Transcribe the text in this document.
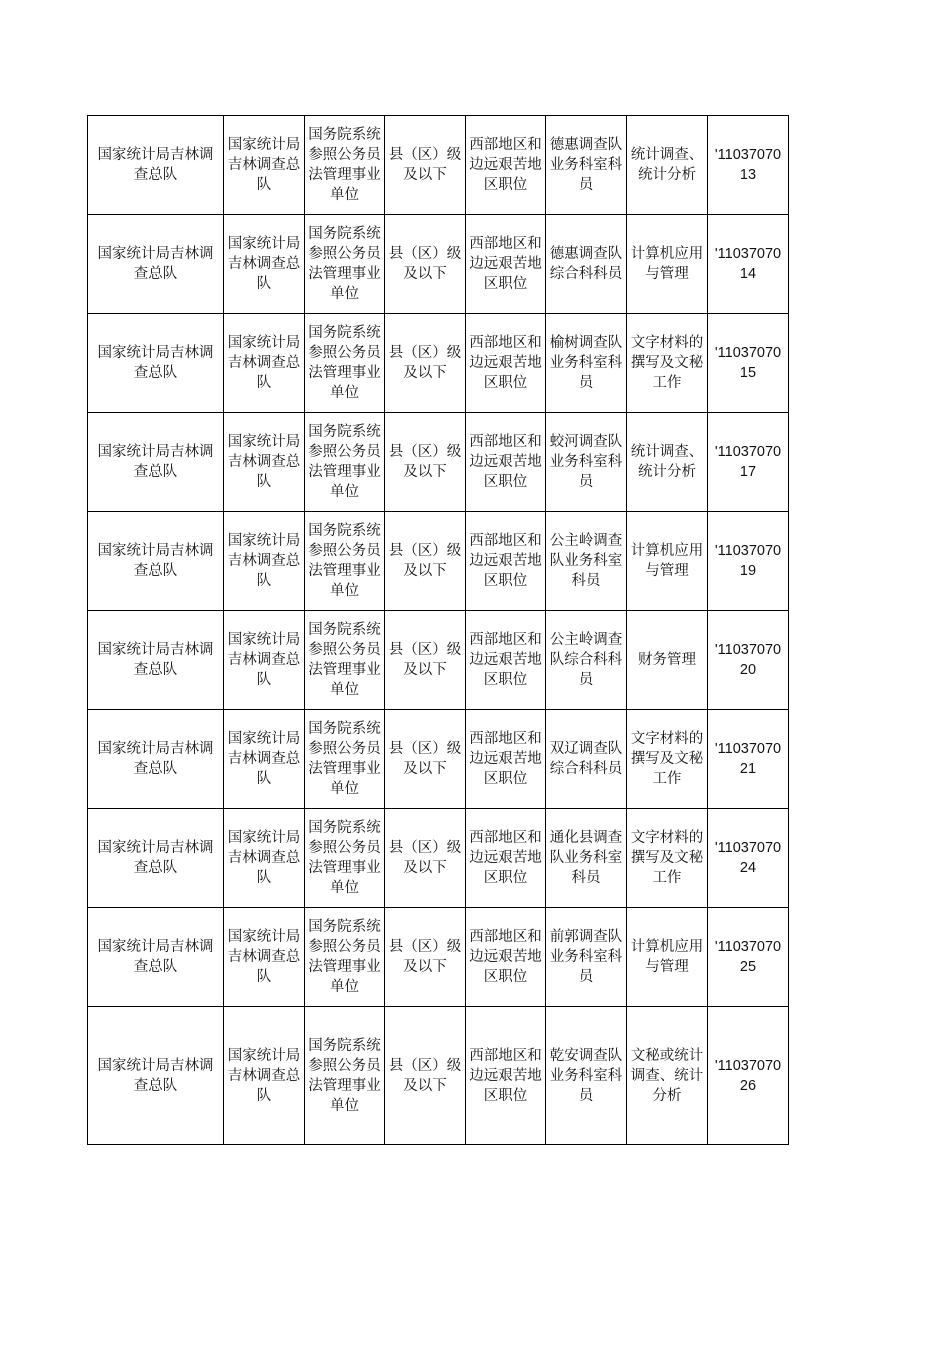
国家统计局吉林调查总队	国家统计局吉林调查总队	国务院系统参照公务员法管理事业单位	县（区）级及以下	西部地区和边远艰苦地区职位	德惠调查队业务科室科员	统计调查、统计分析	'1103707013
国家统计局吉林调查总队	国家统计局吉林调查总队	国务院系统参照公务员法管理事业单位	县（区）级及以下	西部地区和边远艰苦地区职位	德惠调查队综合科科员	计算机应用与管理	'1103707014
国家统计局吉林调查总队	国家统计局吉林调查总队	国务院系统参照公务员法管理事业单位	县（区）级及以下	西部地区和边远艰苦地区职位	榆树调查队业务科室科员	文字材料的撰写及文秘工作	'1103707015
国家统计局吉林调查总队	国家统计局吉林调查总队	国务院系统参照公务员法管理事业单位	县（区）级及以下	西部地区和边远艰苦地区职位	蛟河调查队业务科室科员	统计调查、统计分析	'1103707017
国家统计局吉林调查总队	国家统计局吉林调查总队	国务院系统参照公务员法管理事业单位	县（区）级及以下	西部地区和边远艰苦地区职位	公主岭调查队业务科室科员	计算机应用与管理	'1103707019
国家统计局吉林调查总队	国家统计局吉林调查总队	国务院系统参照公务员法管理事业单位	县（区）级及以下	西部地区和边远艰苦地区职位	公主岭调查队综合科科员	财务管理	'1103707020
国家统计局吉林调查总队	国家统计局吉林调查总队	国务院系统参照公务员法管理事业单位	县（区）级及以下	西部地区和边远艰苦地区职位	双辽调查队综合科科员	文字材料的撰写及文秘工作	'1103707021
国家统计局吉林调查总队	国家统计局吉林调查总队	国务院系统参照公务员法管理事业单位	县（区）级及以下	西部地区和边远艰苦地区职位	通化县调查队业务科室科员	文字材料的撰写及文秘工作	'1103707024
国家统计局吉林调查总队	国家统计局吉林调查总队	国务院系统参照公务员法管理事业单位	县（区）级及以下	西部地区和边远艰苦地区职位	前郭调查队业务科室科员	计算机应用与管理	'1103707025
国家统计局吉林调查总队	国家统计局吉林调查总队	国务院系统参照公务员法管理事业单位	县（区）级及以下	西部地区和边远艰苦地区职位	乾安调查队业务科室科员	文秘或统计调查、统计分析	'1103707026
